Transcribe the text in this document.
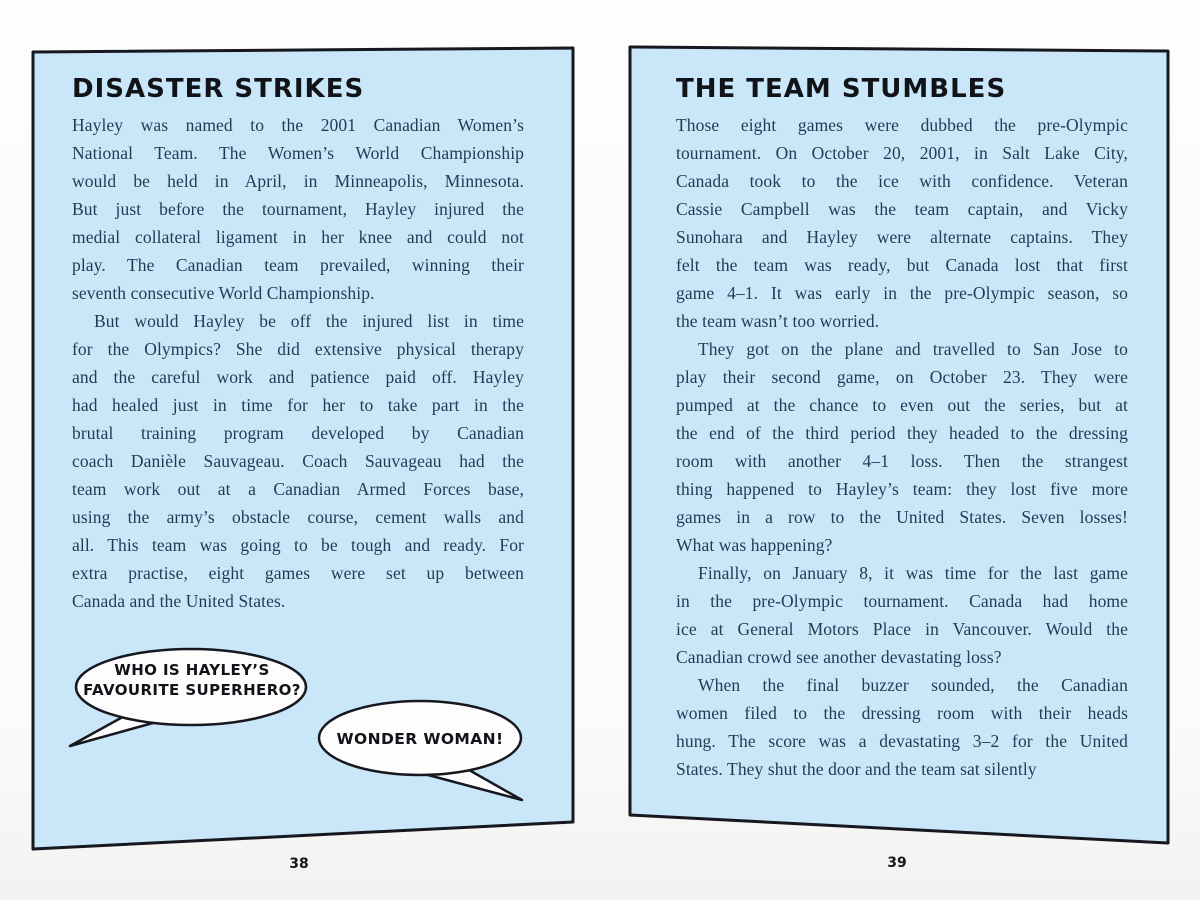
DISASTER STRIKES
Hayley was named to the 2001 Canadian Women’s
National Team. The Women’s World Championship
would be held in April, in Minneapolis, Minnesota.
But just before the tournament, Hayley injured the
medial collateral ligament in her knee and could not
play. The Canadian team prevailed, winning their
seventh consecutive World Championship.
But would Hayley be off the injured list in time
for the Olympics? She did extensive physical therapy
and the careful work and patience paid off. Hayley
had healed just in time for her to take part in the
brutal training program developed by Canadian
coach Danièle Sauvageau. Coach Sauvageau had the
team work out at a Canadian Armed Forces base,
using the army’s obstacle course, cement walls and
all. This team was going to be tough and ready. For
extra practise, eight games were set up between
Canada and the United States.
WHO IS HAYLEY’S
FAVOURITE SUPERHERO?
WONDER WOMAN!
38
THE TEAM STUMBLES
Those eight games were dubbed the pre-Olympic
tournament. On October 20, 2001, in Salt Lake City,
Canada took to the ice with confidence. Veteran
Cassie Campbell was the team captain, and Vicky
Sunohara and Hayley were alternate captains. They
felt the team was ready, but Canada lost that first
game 4–1. It was early in the pre-Olympic season, so
the team wasn’t too worried.
They got on the plane and travelled to San Jose to
play their second game, on October 23. They were
pumped at the chance to even out the series, but at
the end of the third period they headed to the dressing
room with another 4–1 loss. Then the strangest
thing happened to Hayley’s team: they lost five more
games in a row to the United States. Seven losses!
What was happening?
Finally, on January 8, it was time for the last game
in the pre-Olympic tournament. Canada had home
ice at General Motors Place in Vancouver. Would the
Canadian crowd see another devastating loss?
When the final buzzer sounded, the Canadian
women filed to the dressing room with their heads
hung. The score was a devastating 3–2 for the United
States. They shut the door and the team sat silently
39
